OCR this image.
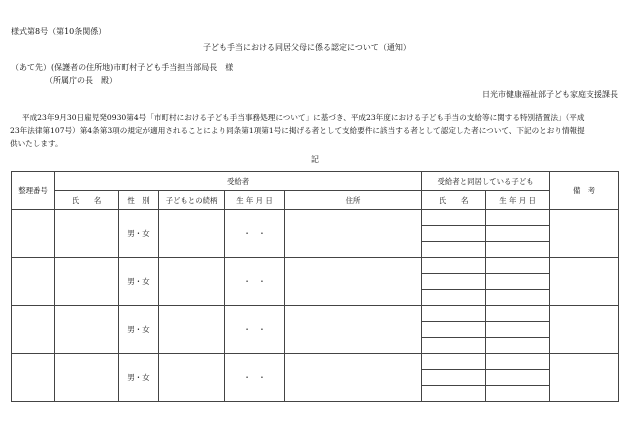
様式第8号（第10条関係）
子ども手当における同居父母に係る認定について（通知）
（あて先）(保護者の住所地)市町村子ども手当担当部局長　様
（所属庁の長　殿）
日光市健康福祉部子ども家庭支援課長
平成23年9月30日雇児発0930第4号「市町村における子ども手当事務処理について」に基づき、平成23年度における子ども手当の支給等に関する特別措置法」（平成
23年法律第107号）第4条第3項の規定が適用されることにより同条第1項第1号に掲げる者として支給要件に該当する者として認定した者について、下記のとおり情報提
供いたします。
記
整理番号	受給者					受給者と同居している子ども		備　考
	氏　　名	性　別	子どもとの続柄	生 年 月 日	住所	氏　　名	生 年 月 日	
		男・女		・　・				

		男・女		・　・				

		男・女		・　・				

		男・女		・　・				
